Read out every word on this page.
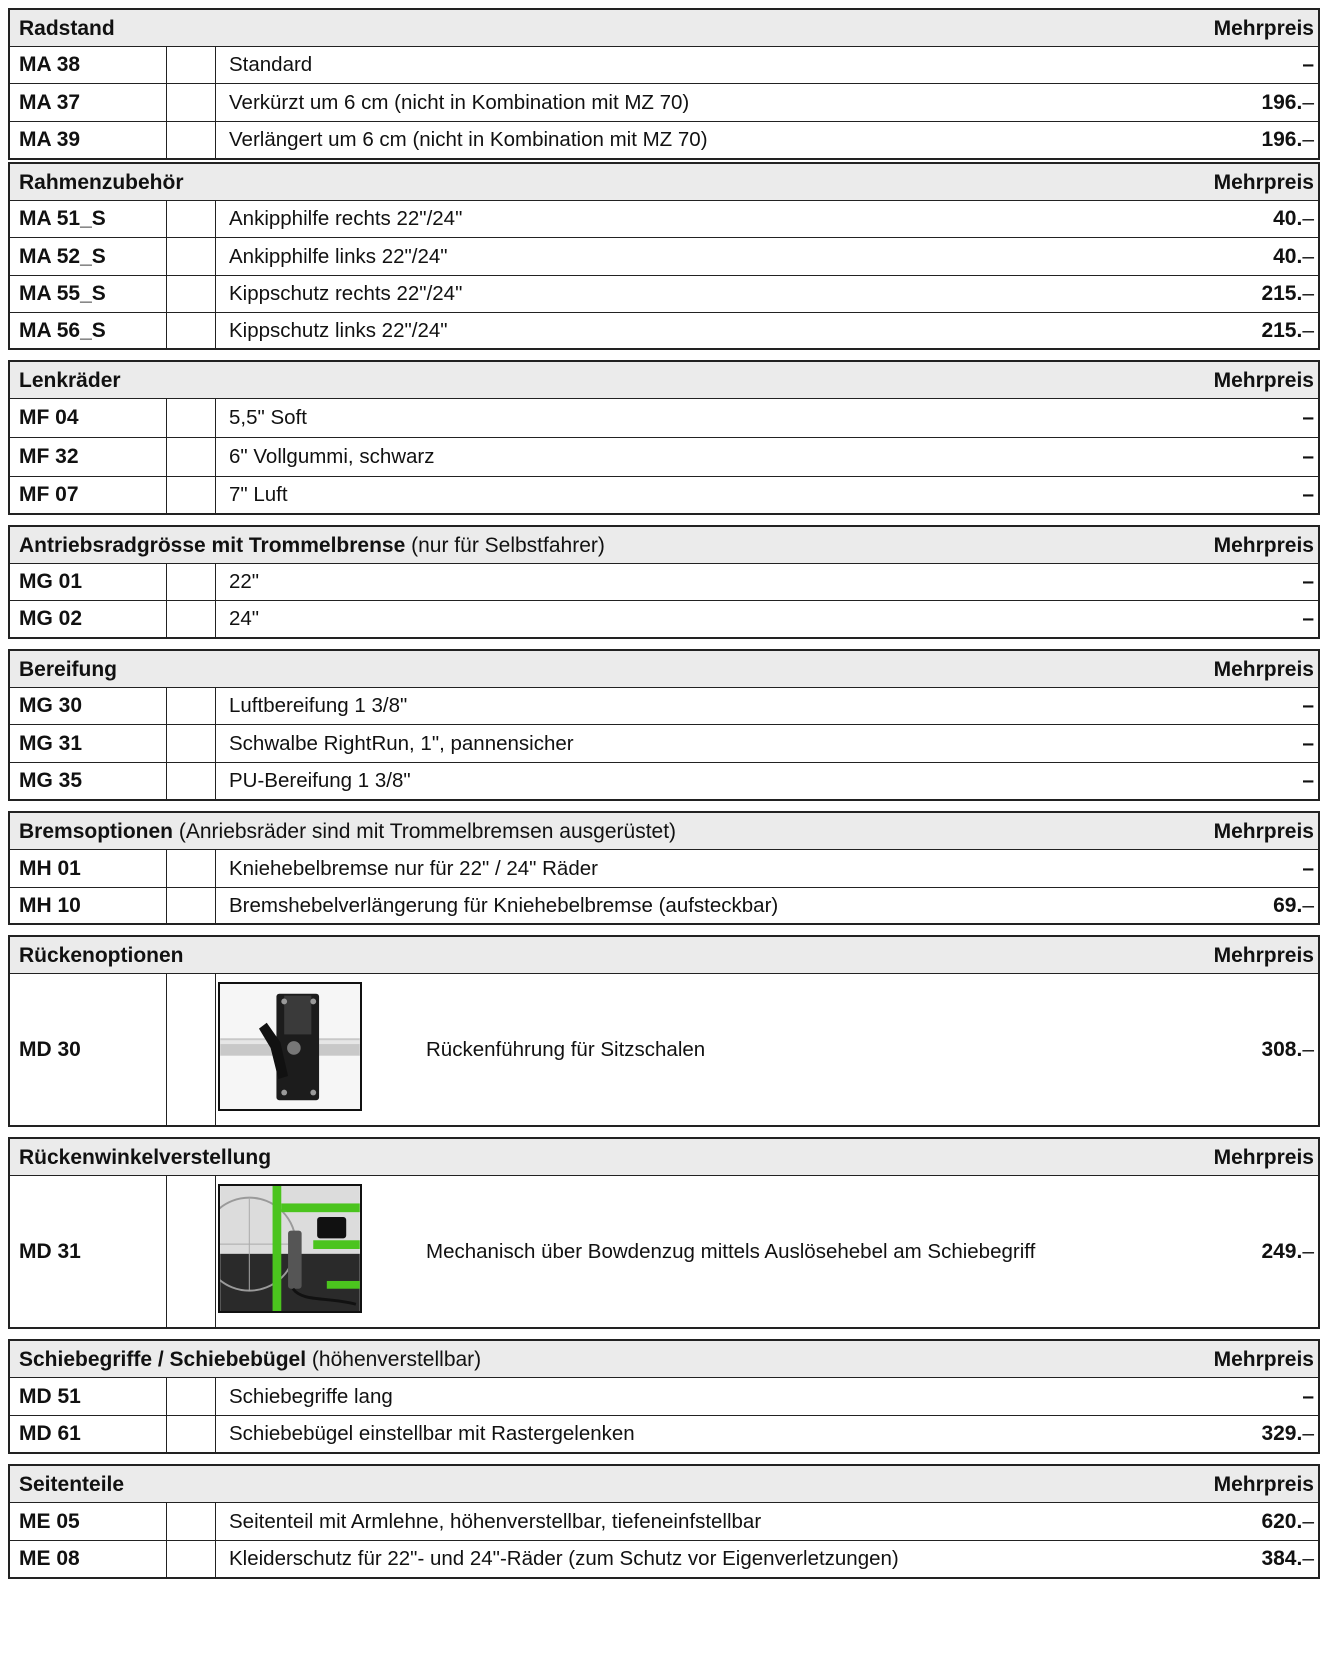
Radstand	Mehrpreis
MA 38	Standard	–
MA 37	Verkürzt um 6 cm (nicht in Kombination mit MZ 70)	196. –
MA 39	Verlängert um 6 cm (nicht in Kombination mit MZ 70)	196. –
Rahmenzubehör	Mehrpreis
MA 51_S	Ankipphilfe rechts 22"/24"	40. –
MA 52_S	Ankipphilfe links 22"/24"	40. –
MA 55_S	Kippschutz rechts 22"/24"	215. –
MA 56_S	Kippschutz links 22"/24"	215. –
Lenkräder	Mehrpreis
MF 04	5,5" Soft	–
MF 32	6" Vollgummi, schwarz	–
MF 07	7" Luft	–
Antriebsradgrösse mit Trommelbrense (nur für Selbstfahrer)	Mehrpreis
MG 01	22"	–
MG 02	24"	–
Bereifung	Mehrpreis
MG 30	Luftbereifung 1 3/8"	–
MG 31	Schwalbe RightRun, 1", pannensicher	–
MG 35	PU-Bereifung 1 3/8"	–
Bremsoptionen (Anriebsräder sind mit Trommelbremsen ausgerüstet)	Mehrpreis
MH 01	Kniehebelbremse nur für 22" / 24" Räder	–
MH 10	Bremshebelverlängerung für Kniehebelbremse (aufsteckbar)	69. –
Rückenoptionen	Mehrpreis
MD 30	Rückenführung für Sitzschalen	308. –
Rückenwinkelverstellung	Mehrpreis
MD 31	Mechanisch über Bowdenzug mittels Auslösehebel am Schiebegriff	249. –
Schiebegriffe / Schiebebügel (höhenverstellbar)	Mehrpreis
MD 51	Schiebegriffe lang	–
MD 61	Schiebebügel einstellbar mit Rastergelenken	329. –
Seitenteile	Mehrpreis
ME 05	Seitenteil mit Armlehne, höhenverstellbar, tiefeneinfstellbar	620. –
ME 08	Kleiderschutz für 22"- und 24"-Räder (zum Schutz vor Eigenverletzungen)	384. –
